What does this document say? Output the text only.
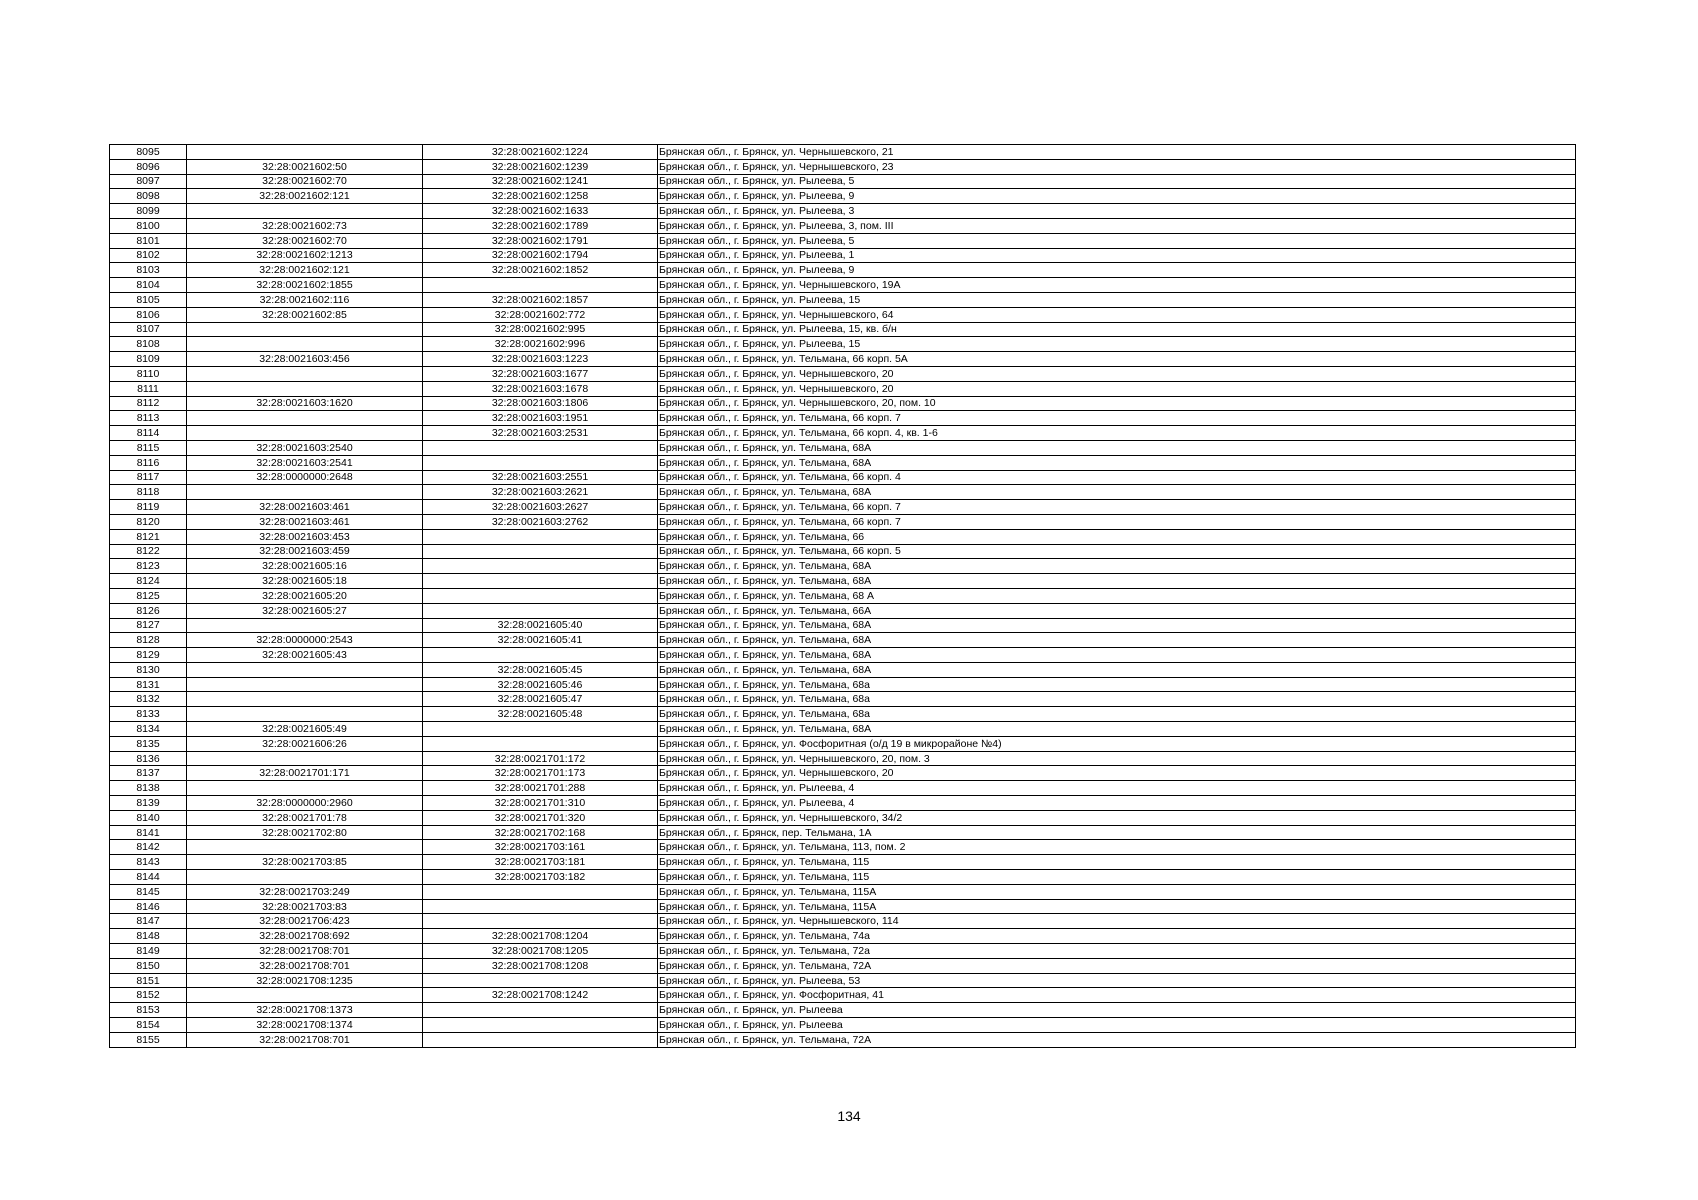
8095		32:28:0021602:1224	Брянская обл., г. Брянск, ул. Чернышевского, 21
8096	32:28:0021602:50	32:28:0021602:1239	Брянская обл., г. Брянск, ул. Чернышевского, 23
8097	32:28:0021602:70	32:28:0021602:1241	Брянская обл., г. Брянск, ул. Рылеева, 5
8098	32:28:0021602:121	32:28:0021602:1258	Брянская обл., г. Брянск, ул. Рылеева, 9
8099		32:28:0021602:1633	Брянская обл., г. Брянск, ул. Рылеева, 3
8100	32:28:0021602:73	32:28:0021602:1789	Брянская обл., г. Брянск, ул. Рылеева, 3, пом. III
8101	32:28:0021602:70	32:28:0021602:1791	Брянская обл., г. Брянск, ул. Рылеева, 5
8102	32:28:0021602:1213	32:28:0021602:1794	Брянская обл., г. Брянск, ул. Рылеева, 1
8103	32:28:0021602:121	32:28:0021602:1852	Брянская обл., г. Брянск, ул. Рылеева, 9
8104	32:28:0021602:1855		Брянская обл., г. Брянск, ул. Чернышевского, 19А
8105	32:28:0021602:116	32:28:0021602:1857	Брянская обл., г. Брянск, ул. Рылеева, 15
8106	32:28:0021602:85	32:28:0021602:772	Брянская обл., г. Брянск, ул. Чернышевского, 64
8107		32:28:0021602:995	Брянская обл., г. Брянск, ул. Рылеева, 15, кв. б/н
8108		32:28:0021602:996	Брянская обл., г. Брянск, ул. Рылеева, 15
8109	32:28:0021603:456	32:28:0021603:1223	Брянская обл., г. Брянск, ул. Тельмана, 66 корп. 5А
8110		32:28:0021603:1677	Брянская обл., г. Брянск, ул. Чернышевского, 20
8111		32:28:0021603:1678	Брянская обл., г. Брянск, ул. Чернышевского, 20
8112	32:28:0021603:1620	32:28:0021603:1806	Брянская обл., г. Брянск, ул. Чернышевского, 20, пом. 10
8113		32:28:0021603:1951	Брянская обл., г. Брянск, ул. Тельмана, 66 корп. 7
8114		32:28:0021603:2531	Брянская обл., г. Брянск, ул. Тельмана, 66 корп. 4, кв. 1-6
8115	32:28:0021603:2540		Брянская обл., г. Брянск, ул. Тельмана, 68А
8116	32:28:0021603:2541		Брянская обл., г. Брянск, ул. Тельмана, 68А
8117	32:28:0000000:2648	32:28:0021603:2551	Брянская обл., г. Брянск, ул. Тельмана, 66 корп. 4
8118		32:28:0021603:2621	Брянская обл., г. Брянск, ул. Тельмана, 68А
8119	32:28:0021603:461	32:28:0021603:2627	Брянская обл., г. Брянск, ул. Тельмана, 66 корп. 7
8120	32:28:0021603:461	32:28:0021603:2762	Брянская обл., г. Брянск, ул. Тельмана, 66 корп. 7
8121	32:28:0021603:453		Брянская обл., г. Брянск, ул. Тельмана, 66
8122	32:28:0021603:459		Брянская обл., г. Брянск, ул. Тельмана, 66 корп. 5
8123	32:28:0021605:16		Брянская обл., г. Брянск, ул. Тельмана, 68А
8124	32:28:0021605:18		Брянская обл., г. Брянск, ул. Тельмана, 68А
8125	32:28:0021605:20		Брянская обл., г. Брянск, ул. Тельмана, 68 А
8126	32:28:0021605:27		Брянская обл., г. Брянск, ул. Тельмана, 66А
8127		32:28:0021605:40	Брянская обл., г. Брянск, ул. Тельмана, 68А
8128	32:28:0000000:2543	32:28:0021605:41	Брянская обл., г. Брянск, ул. Тельмана, 68А
8129	32:28:0021605:43		Брянская обл., г. Брянск, ул. Тельмана, 68А
8130		32:28:0021605:45	Брянская обл., г. Брянск, ул. Тельмана, 68А
8131		32:28:0021605:46	Брянская обл., г. Брянск, ул. Тельмана, 68а
8132		32:28:0021605:47	Брянская обл., г. Брянск, ул. Тельмана, 68а
8133		32:28:0021605:48	Брянская обл., г. Брянск, ул. Тельмана, 68а
8134	32:28:0021605:49		Брянская обл., г. Брянск, ул. Тельмана, 68А
8135	32:28:0021606:26		Брянская обл., г. Брянск, ул. Фосфоритная (о/д 19 в микрорайоне №4)
8136		32:28:0021701:172	Брянская обл., г. Брянск, ул. Чернышевского, 20, пом. 3
8137	32:28:0021701:171	32:28:0021701:173	Брянская обл., г. Брянск, ул. Чернышевского, 20
8138		32:28:0021701:288	Брянская обл., г. Брянск, ул. Рылеева, 4
8139	32:28:0000000:2960	32:28:0021701:310	Брянская обл., г. Брянск, ул. Рылеева, 4
8140	32:28:0021701:78	32:28:0021701:320	Брянская обл., г. Брянск, ул. Чернышевского, 34/2
8141	32:28:0021702:80	32:28:0021702:168	Брянская обл., г. Брянск, пер. Тельмана, 1А
8142		32:28:0021703:161	Брянская обл., г. Брянск, ул. Тельмана, 113, пом. 2
8143	32:28:0021703:85	32:28:0021703:181	Брянская обл., г. Брянск, ул. Тельмана, 115
8144		32:28:0021703:182	Брянская обл., г. Брянск, ул. Тельмана, 115
8145	32:28:0021703:249		Брянская обл., г. Брянск, ул. Тельмана, 115А
8146	32:28:0021703:83		Брянская обл., г. Брянск, ул. Тельмана, 115А
8147	32:28:0021706:423		Брянская обл., г. Брянск, ул. Чернышевского, 114
8148	32:28:0021708:692	32:28:0021708:1204	Брянская обл., г. Брянск, ул. Тельмана, 74а
8149	32:28:0021708:701	32:28:0021708:1205	Брянская обл., г. Брянск, ул. Тельмана, 72а
8150	32:28:0021708:701	32:28:0021708:1208	Брянская обл., г. Брянск, ул. Тельмана, 72А
8151	32:28:0021708:1235		Брянская обл., г. Брянск, ул. Рылеева, 53
8152		32:28:0021708:1242	Брянская обл., г. Брянск, ул. Фосфоритная, 41
8153	32:28:0021708:1373		Брянская обл., г. Брянск, ул. Рылеева
8154	32:28:0021708:1374		Брянская обл., г. Брянск, ул. Рылеева
8155	32:28:0021708:701		Брянская обл., г. Брянск, ул. Тельмана, 72А
134
